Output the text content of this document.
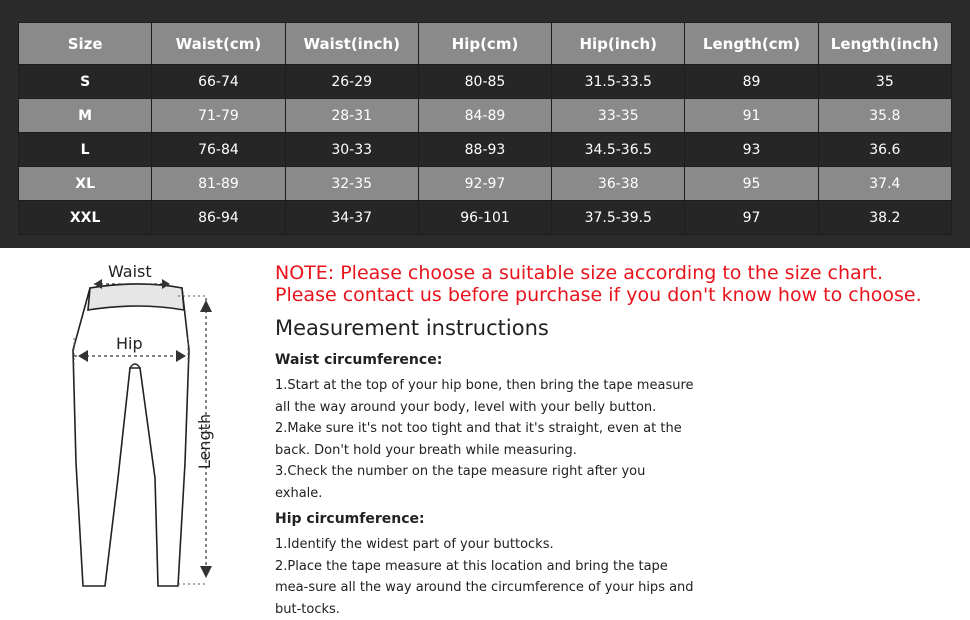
Size	Waist(cm)	Waist(inch)	Hip(cm)	Hip(inch)	Length(cm)	Length(inch)
S	66-74	26-29	80-85	31.5-33.5	89	35
M	71-79	28-31	84-89	33-35	91	35.8
L	76-84	30-33	88-93	34.5-36.5	93	36.6
XL	81-89	32-35	92-97	36-38	95	37.4
XXL	86-94	34-37	96-101	37.5-39.5	97	38.2
Waist
Hip
Length

NOTE: Please choose a suitable size according to the size chart.

Please contact us before purchase if you don't know how to choose.

Measurement instructions

Waist circumference:

1.Start at the top of your hip bone, then bring the tape measure all the way around your body, level with your belly button.

2.Make sure it's not too tight and that it's straight, even at the back. Don't hold your breath while measuring.

3.Check the number on the tape measure right after you exhale.

Hip circumference:

1.Identify the widest part of your buttocks.

2.Place the tape measure at this location and bring the tape mea-sure all the way around the circumference of your hips and but-tocks.
